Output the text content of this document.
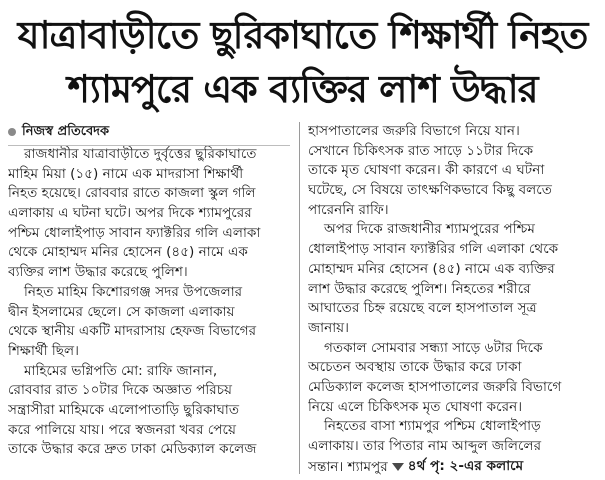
যাত্রাবাড়ীতে ছুরিকাঘাতে শিক্ষার্থী নিহত
শ্যামপুরে এক ব্যক্তির লাশ উদ্ধার
নিজস্ব প্রতিবেদক
রাজধানীর যাত্রাবাড়ীতে দুর্বৃত্তের ছুরিকাঘাতে
মাহিম মিয়া (১৫) নামে এক মাদরাসা শিক্ষার্থী
নিহত হয়েছে। রোববার রাতে কাজলা স্কুল গলি
এলাকায় এ ঘটনা ঘটে। অপর দিকে শ্যামপুরের
পশ্চিম ধোলাইপাড় সাবান ফ্যাক্টরির গলি এলাকা
থেকে মোহাম্মদ মনির হোসেন (৪৫) নামে এক
ব্যক্তির লাশ উদ্ধার করেছে পুলিশ।
নিহত মাহিম কিশোরগঞ্জ সদর উপজেলার
দ্বীন ইসলামের ছেলে। সে কাজলা এলাকায়
থেকে স্থানীয় একটি মাদরাসায় হেফজ বিভাগের
শিক্ষার্থী ছিল।
মাহিমের ভগ্নিপতি মো: রাফি জানান,
রোববার রাত ১০টার দিকে অজ্ঞাত পরিচয়
সন্ত্রাসীরা মাহিমকে এলোপাতাড়ি ছুরিকাঘাত
করে পালিয়ে যায়। পরে স্বজনরা খবর পেয়ে
তাকে উদ্ধার করে দ্রুত ঢাকা মেডিক্যাল কলেজ
হাসপাতালের জরুরি বিভাগে নিয়ে যান।
সেখানে চিকিৎসক রাত সাড়ে ১১টার দিকে
তাকে মৃত ঘোষণা করেন। কী কারণে এ ঘটনা
ঘটেছে, সে বিষয়ে তাৎক্ষণিকভাবে কিছু বলতে
পারেননি রাফি।
অপর দিকে রাজধানীর শ্যামপুরের পশ্চিম
ধোলাইপাড় সাবান ফ্যাক্টরির গলি এলাকা থেকে
মোহাম্মদ মনির হোসেন (৪৫) নামে এক ব্যক্তির
লাশ উদ্ধার করেছে পুলিশ। নিহতের শরীরে
আঘাতের চিহ্ন রয়েছে বলে হাসপাতাল সূত্র
জানায়।
গতকাল সোমবার সন্ধ্যা সাড়ে ৬টার দিকে
অচেতন অবস্থায় তাকে উদ্ধার করে ঢাকা
মেডিক্যাল কলেজ হাসপাতালের জরুরি বিভাগে
নিয়ে এলে চিকিৎসক মৃত ঘোষণা করেন।
নিহতের বাসা শ্যামপুর পশ্চিম ধোলাইপাড়
এলাকায়। তার পিতার নাম আব্দুল জলিলের
সন্তান। শ্যামপুর ৪র্থ পৃ: ২-এর কলামে
